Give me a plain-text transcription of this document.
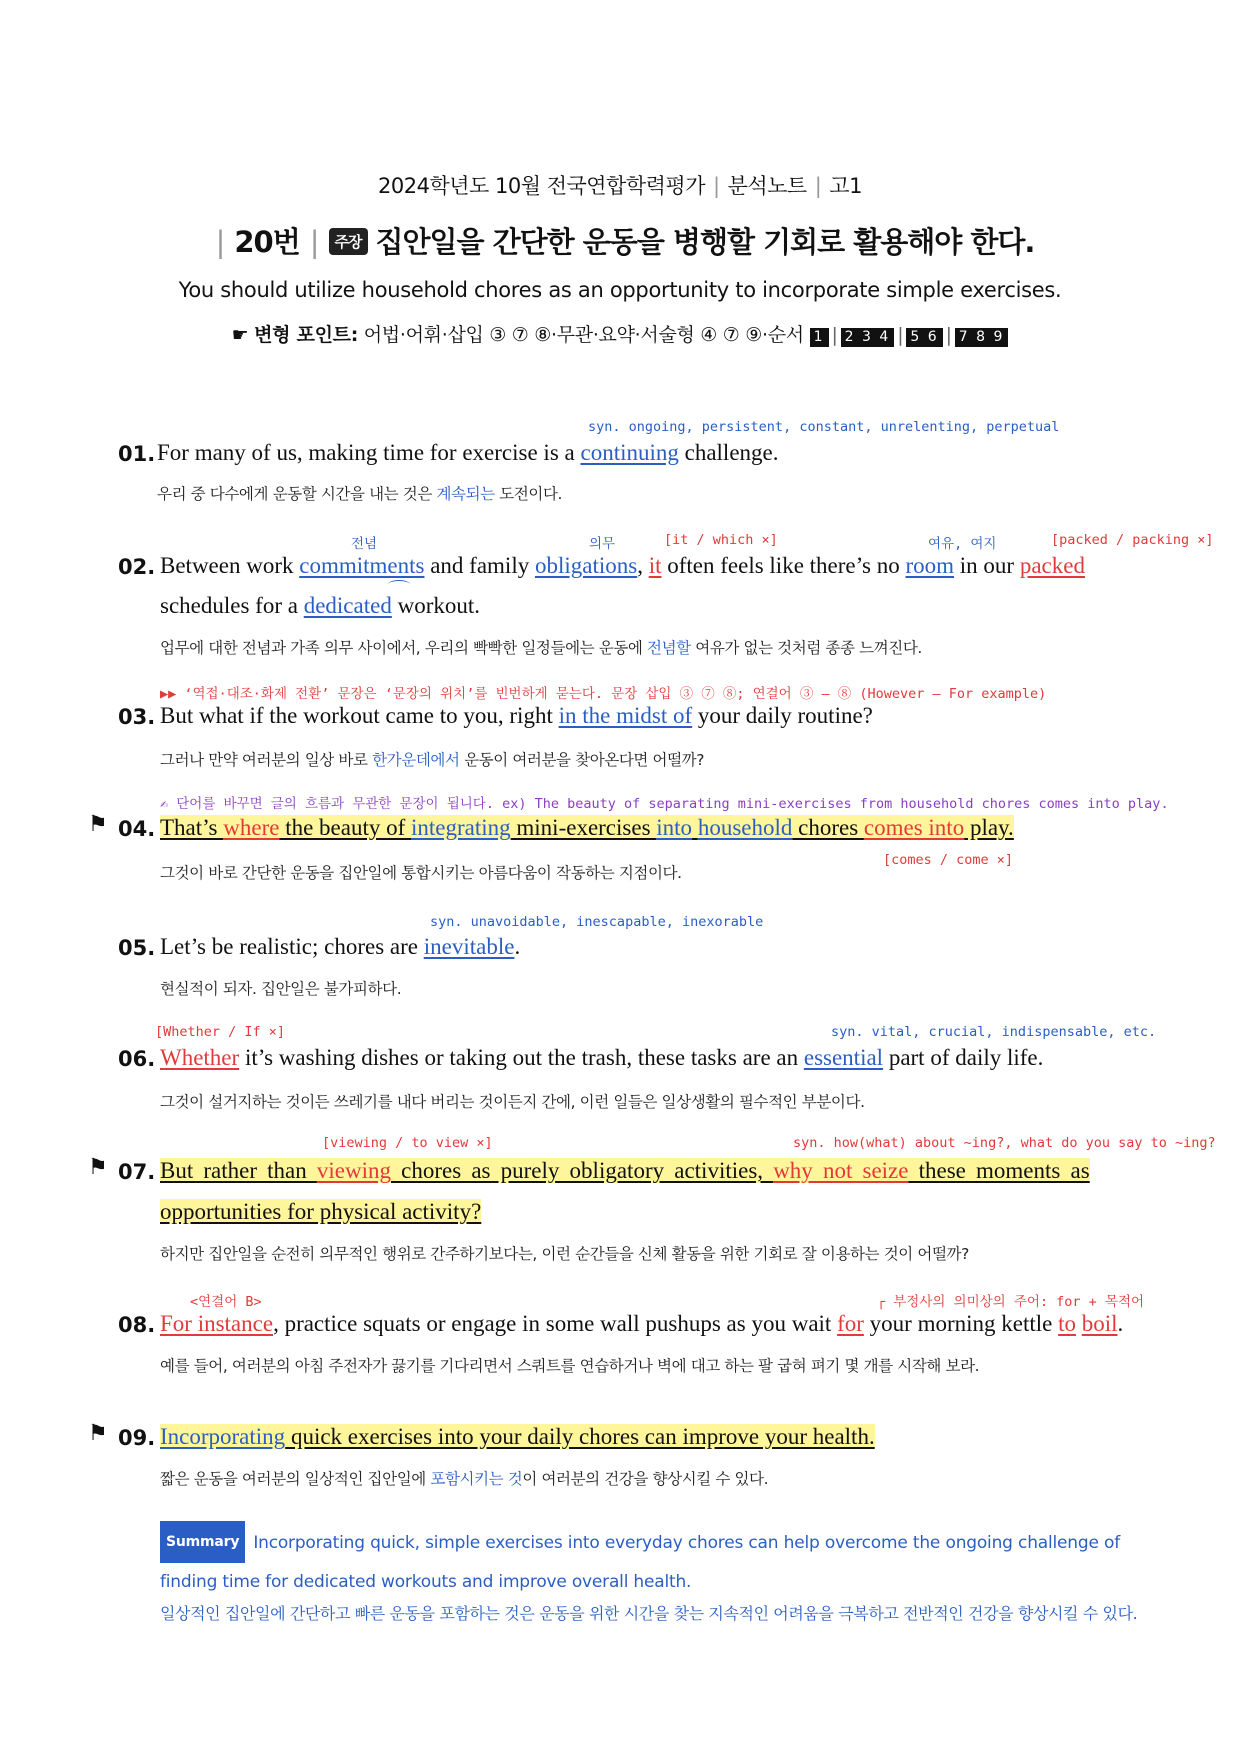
2024학년도 10월 전국연합학력평가 | 분석노트 | 고1
| 20번 | 주장 집안일을 간단한 운동을 병행할 기회로 활용해야 한다.
You should utilize household chores as an opportunity to incorporate simple exercises.
☛ 변형 포인트: 어법·어휘·삽입 ③ ⑦ ⑧·무관·요약·서술형 ④ ⑦ ⑨·순서 1 | 2 3 4 | 5 6 | 7 8 9
syn. ongoing, persistent, constant, unrelenting, perpetual
01. For many of us, making time for exercise is a continuing challenge.
우리 중 다수에게 운동할 시간을 내는 것은 계속되는 도전이다.
전념	의무	[it / which ×]	여유, 여지	[packed / packing ×]
02. Between work commitments and family obligations, it often feels like there’s no room in our packed
schedules for a dedicated workout.
업무에 대한 전념과 가족 의무 사이에서, 우리의 빡빡한 일정들에는 운동에 전념할 여유가 없는 것처럼 종종 느껴진다.
▶▶ ‘역접·대조·화제 전환’ 문장은 ‘문장의 위치’를 빈번하게 묻는다. 문장 삽입 ③ ⑦ ⑧; 연결어 ③ – ⑧ (However – For example)
03. But what if the workout came to you, right in the midst of your daily routine?
그러나 만약 여러분의 일상 바로 한가운데에서 운동이 여러분을 찾아온다면 어떨까?
✍ 단어를 바꾸면 글의 흐름과 무관한 문장이 됩니다. ex) The beauty of separating mini-exercises from household chores comes into play.
⚑ 04. That’s where the beauty of integrating mini-exercises into household chores comes into play.
[comes / come ×]
그것이 바로 간단한 운동을 집안일에 통합시키는 아름다움이 작동하는 지점이다.
syn. unavoidable, inescapable, inexorable
05. Let’s be realistic; chores are inevitable.
현실적이 되자. 집안일은 불가피하다.
[Whether / If ×]	syn. vital, crucial, indispensable, etc.
06. Whether it’s washing dishes or taking out the trash, these tasks are an essential part of daily life.
그것이 설거지하는 것이든 쓰레기를 내다 버리는 것이든지 간에, 이런 일들은 일상생활의 필수적인 부분이다.
[viewing / to view ×]	syn. how(what) about ~ing?, what do you say to ~ing?
⚑ 07. But rather than viewing chores as purely obligatory activities, why not seize these moments as
opportunities for physical activity?
하지만 집안일을 순전히 의무적인 행위로 간주하기보다는, 이런 순간들을 신체 활동을 위한 기회로 잘 이용하는 것이 어떨까?
<연결어 B>	┌ 부정사의 의미상의 주어: for + 목적어
08. For instance, practice squats or engage in some wall pushups as you wait for your morning kettle to boil.
예를 들어, 여러분의 아침 주전자가 끓기를 기다리면서 스쿼트를 연습하거나 벽에 대고 하는 팔 굽혀 펴기 몇 개를 시작해 보라.
⚑ 09. Incorporating quick exercises into your daily chores can improve your health.
짧은 운동을 여러분의 일상적인 집안일에 포함시키는 것이 여러분의 건강을 향상시킬 수 있다.
Summary Incorporating quick, simple exercises into everyday chores can help overcome the ongoing challenge of finding time for dedicated workouts and improve overall health.
일상적인 집안일에 간단하고 빠른 운동을 포함하는 것은 운동을 위한 시간을 찾는 지속적인 어려움을 극복하고 전반적인 건강을 향상시킬 수 있다.
